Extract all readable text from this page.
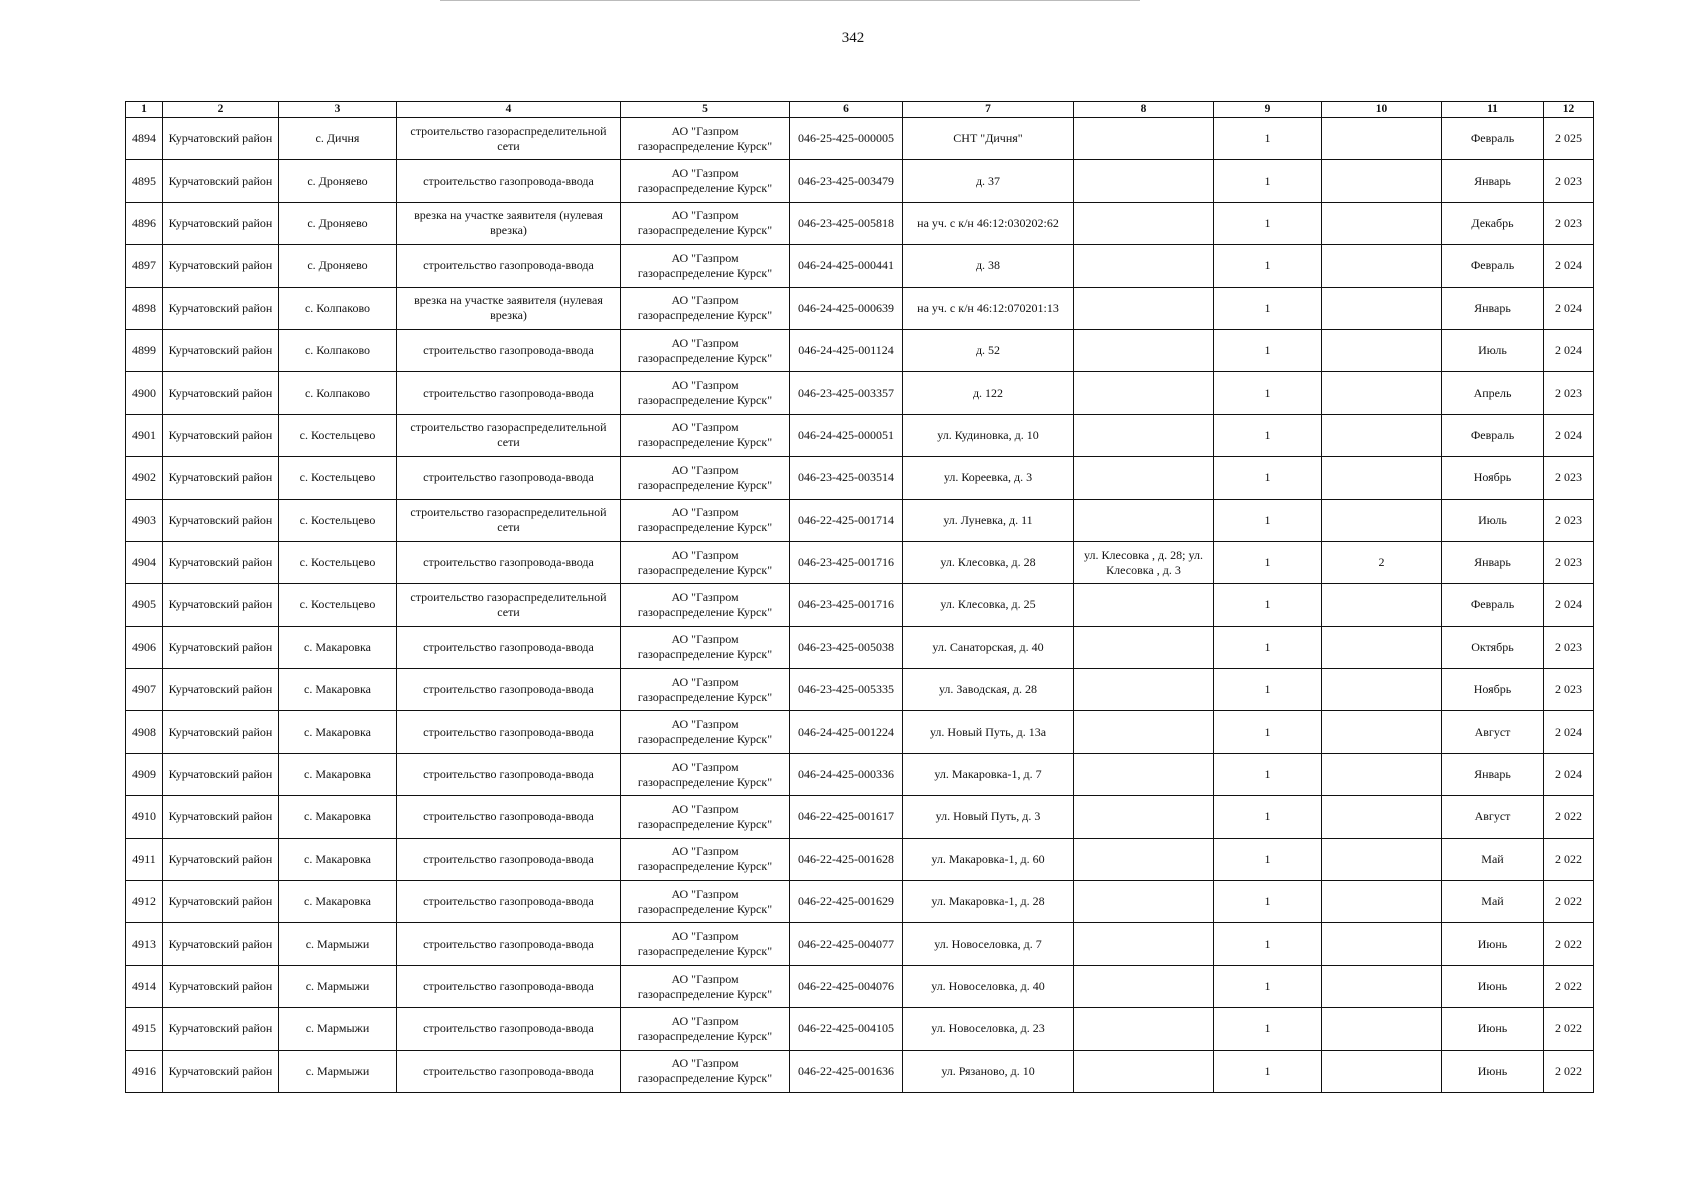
342
1	2	3	4	5	6	7	8	9	10	11	12
4894	Курчатовский район	с. Дичня	строительство газораспределительной сети	АО "Газпром газораспределение Курск"	046-25-425-000005	СНТ "Дичня"		1		Февраль	2 025
4895	Курчатовский район	с. Дроняево	строительство газопровода-ввода	АО "Газпром газораспределение Курск"	046-23-425-003479	д. 37		1		Январь	2 023
4896	Курчатовский район	с. Дроняево	врезка на участке заявителя (нулевая врезка)	АО "Газпром газораспределение Курск"	046-23-425-005818	на уч. с к/н 46:12:030202:62		1		Декабрь	2 023
4897	Курчатовский район	с. Дроняево	строительство газопровода-ввода	АО "Газпром газораспределение Курск"	046-24-425-000441	д. 38		1		Февраль	2 024
4898	Курчатовский район	с. Колпаково	врезка на участке заявителя (нулевая врезка)	АО "Газпром газораспределение Курск"	046-24-425-000639	на уч. с к/н 46:12:070201:13		1		Январь	2 024
4899	Курчатовский район	с. Колпаково	строительство газопровода-ввода	АО "Газпром газораспределение Курск"	046-24-425-001124	д. 52		1		Июль	2 024
4900	Курчатовский район	с. Колпаково	строительство газопровода-ввода	АО "Газпром газораспределение Курск"	046-23-425-003357	д. 122		1		Апрель	2 023
4901	Курчатовский район	с. Костельцево	строительство газораспределительной сети	АО "Газпром газораспределение Курск"	046-24-425-000051	ул. Кудиновка, д. 10		1		Февраль	2 024
4902	Курчатовский район	с. Костельцево	строительство газопровода-ввода	АО "Газпром газораспределение Курск"	046-23-425-003514	ул. Кореевка, д. 3		1		Ноябрь	2 023
4903	Курчатовский район	с. Костельцево	строительство газораспределительной сети	АО "Газпром газораспределение Курск"	046-22-425-001714	ул. Луневка, д. 11		1		Июль	2 023
4904	Курчатовский район	с. Костельцево	строительство газопровода-ввода	АО "Газпром газораспределение Курск"	046-23-425-001716	ул. Клесовка, д. 28	ул. Клесовка , д. 28; ул. Клесовка , д. 3	1	2	Январь	2 023
4905	Курчатовский район	с. Костельцево	строительство газораспределительной сети	АО "Газпром газораспределение Курск"	046-23-425-001716	ул. Клесовка, д. 25		1		Февраль	2 024
4906	Курчатовский район	с. Макаровка	строительство газопровода-ввода	АО "Газпром газораспределение Курск"	046-23-425-005038	ул. Санаторская, д. 40		1		Октябрь	2 023
4907	Курчатовский район	с. Макаровка	строительство газопровода-ввода	АО "Газпром газораспределение Курск"	046-23-425-005335	ул. Заводская, д. 28		1		Ноябрь	2 023
4908	Курчатовский район	с. Макаровка	строительство газопровода-ввода	АО "Газпром газораспределение Курск"	046-24-425-001224	ул. Новый Путь, д. 13а		1		Август	2 024
4909	Курчатовский район	с. Макаровка	строительство газопровода-ввода	АО "Газпром газораспределение Курск"	046-24-425-000336	ул. Макаровка-1, д. 7		1		Январь	2 024
4910	Курчатовский район	с. Макаровка	строительство газопровода-ввода	АО "Газпром газораспределение Курск"	046-22-425-001617	ул. Новый Путь, д. 3		1		Август	2 022
4911	Курчатовский район	с. Макаровка	строительство газопровода-ввода	АО "Газпром газораспределение Курск"	046-22-425-001628	ул. Макаровка-1, д. 60		1		Май	2 022
4912	Курчатовский район	с. Макаровка	строительство газопровода-ввода	АО "Газпром газораспределение Курск"	046-22-425-001629	ул. Макаровка-1, д. 28		1		Май	2 022
4913	Курчатовский район	с. Мармыжи	строительство газопровода-ввода	АО "Газпром газораспределение Курск"	046-22-425-004077	ул. Новоселовка, д. 7		1		Июнь	2 022
4914	Курчатовский район	с. Мармыжи	строительство газопровода-ввода	АО "Газпром газораспределение Курск"	046-22-425-004076	ул. Новоселовка, д. 40		1		Июнь	2 022
4915	Курчатовский район	с. Мармыжи	строительство газопровода-ввода	АО "Газпром газораспределение Курск"	046-22-425-004105	ул. Новоселовка, д. 23		1		Июнь	2 022
4916	Курчатовский район	с. Мармыжи	строительство газопровода-ввода	АО "Газпром газораспределение Курск"	046-22-425-001636	ул. Рязаново, д. 10		1		Июнь	2 022
